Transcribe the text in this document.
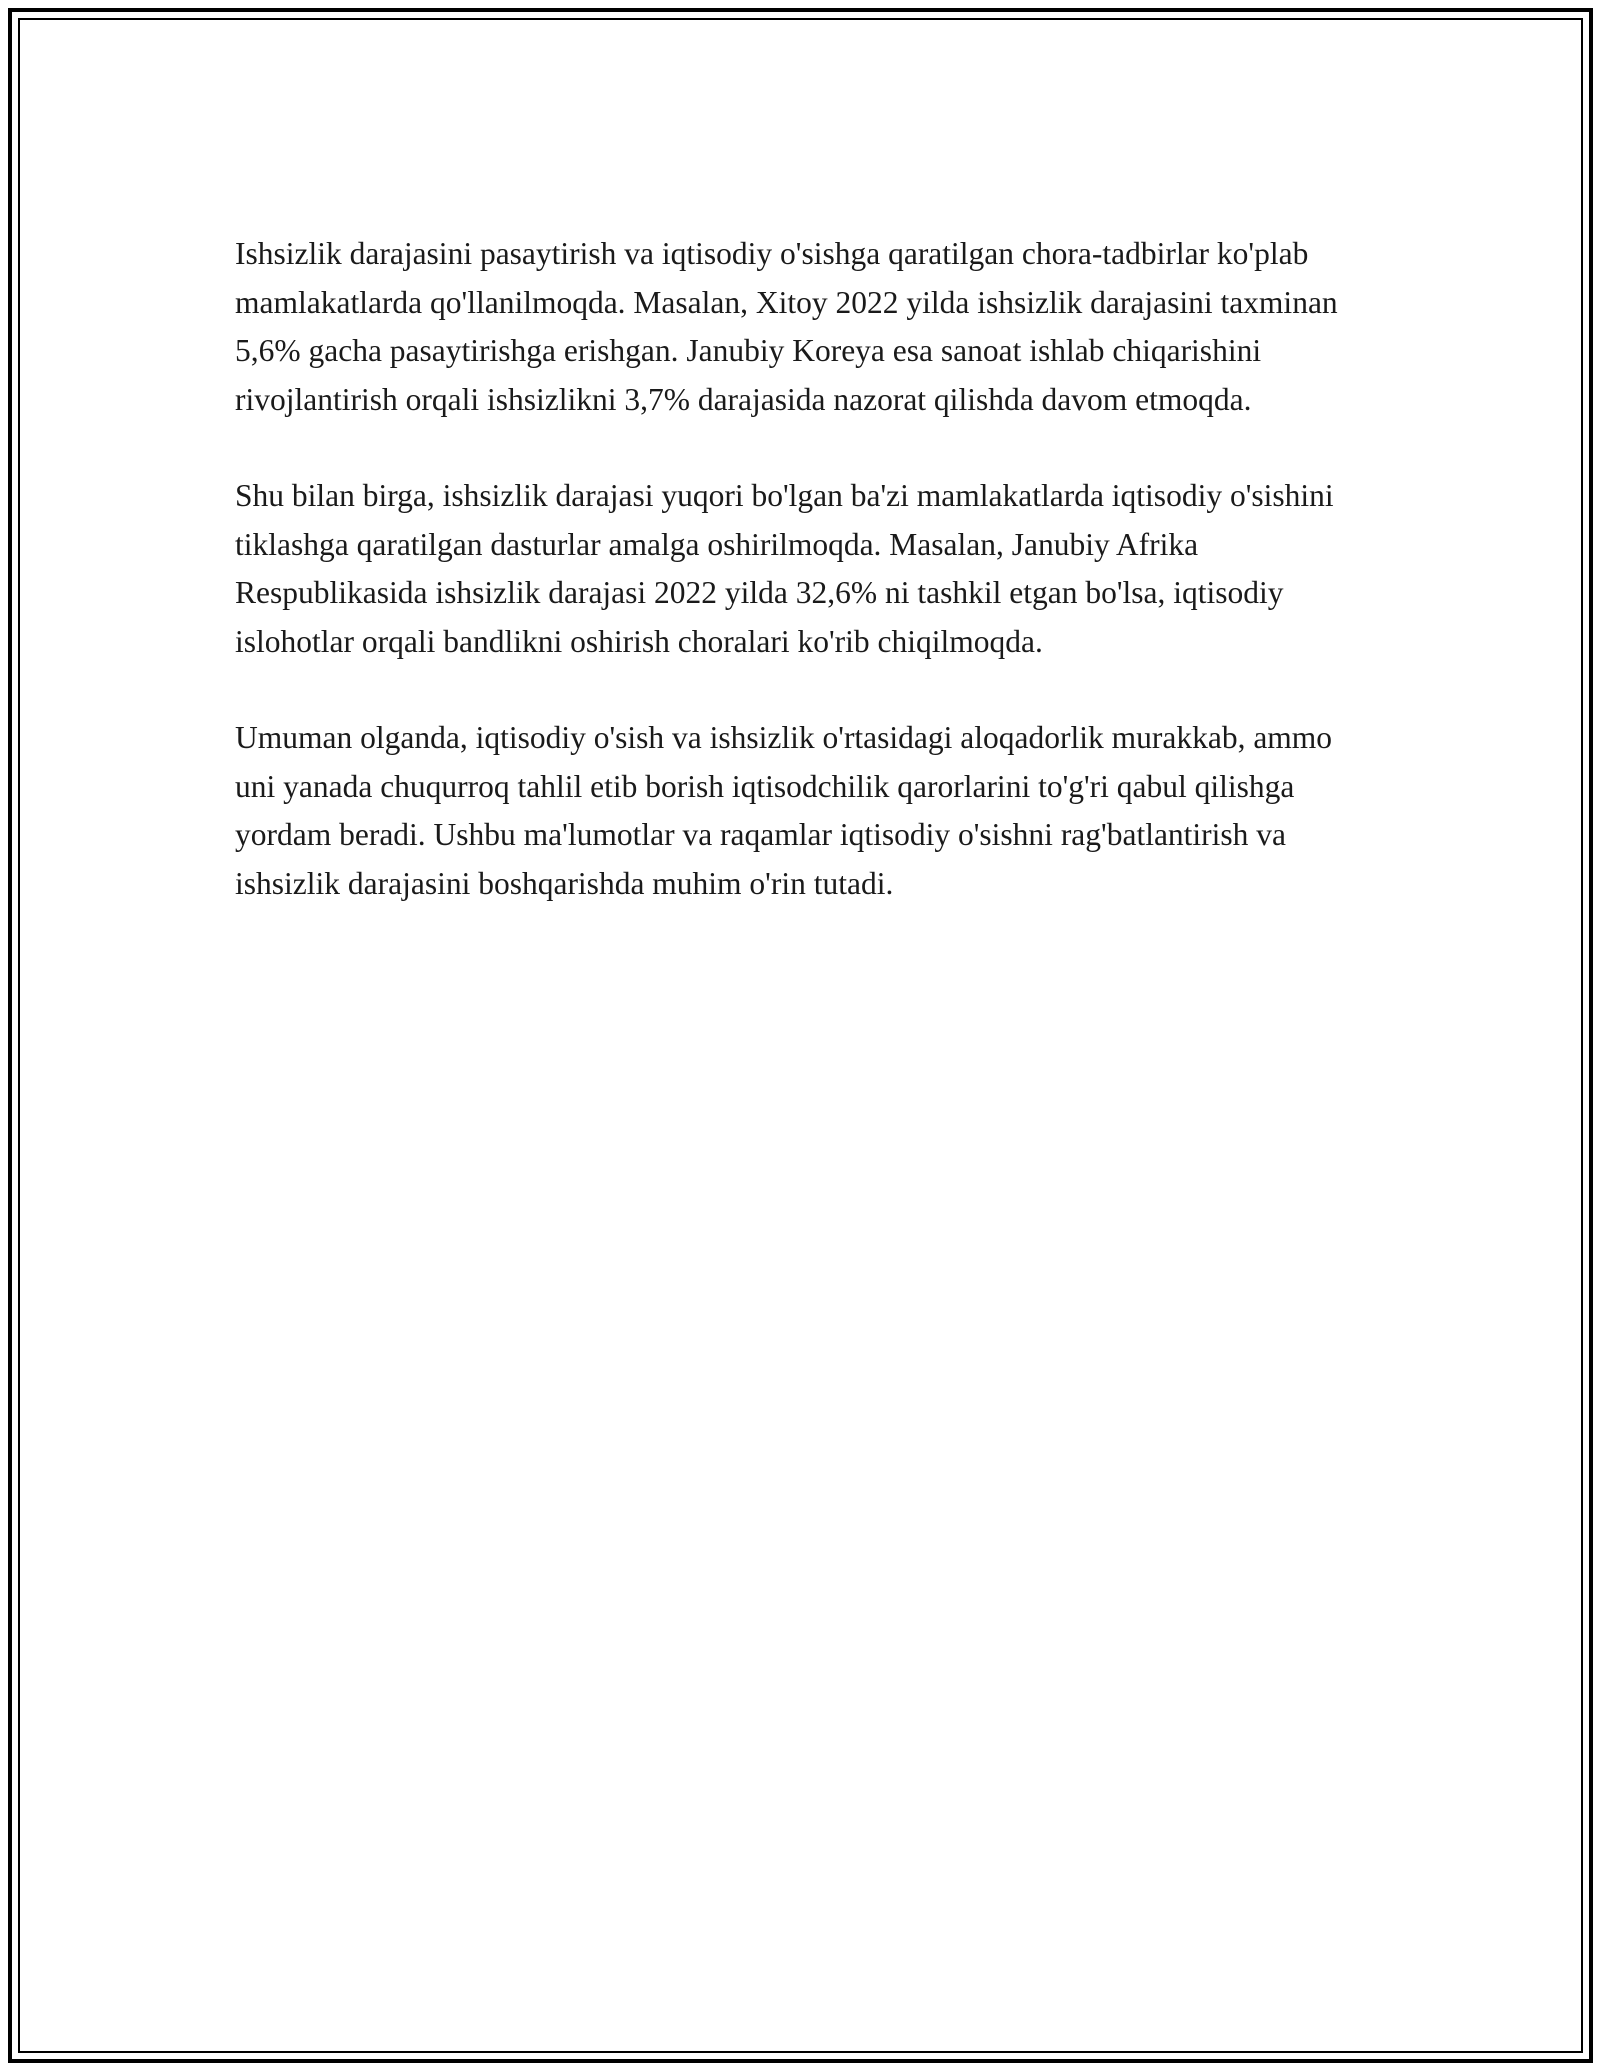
Ishsizlik darajasini pasaytirish va iqtisodiy o'sishga qaratilgan chora-tadbirlar ko'plab mamlakatlarda qo'llanilmoqda. Masalan, Xitoy 2022 yilda ishsizlik darajasini taxminan 5,6% gacha pasaytirishga erishgan. Janubiy Koreya esa sanoat ishlab chiqarishini rivojlantirish orqali ishsizlikni 3,7% darajasida nazorat qilishda davom etmoqda.

Shu bilan birga, ishsizlik darajasi yuqori bo'lgan ba'zi mamlakatlarda iqtisodiy o'sishini tiklashga qaratilgan dasturlar amalga oshirilmoqda. Masalan, Janubiy Afrika Respublikasida ishsizlik darajasi 2022 yilda 32,6% ni tashkil etgan bo'lsa, iqtisodiy islohotlar orqali bandlikni oshirish choralari ko'rib chiqilmoqda.

Umuman olganda, iqtisodiy o'sish va ishsizlik o'rtasidagi aloqadorlik murakkab, ammo uni yanada chuqurroq tahlil etib borish iqtisodchilik qarorlarini to'g'ri qabul qilishga yordam beradi. Ushbu ma'lumotlar va raqamlar iqtisodiy o'sishni rag'batlantirish va ishsizlik darajasini boshqarishda muhim o'rin tutadi.
